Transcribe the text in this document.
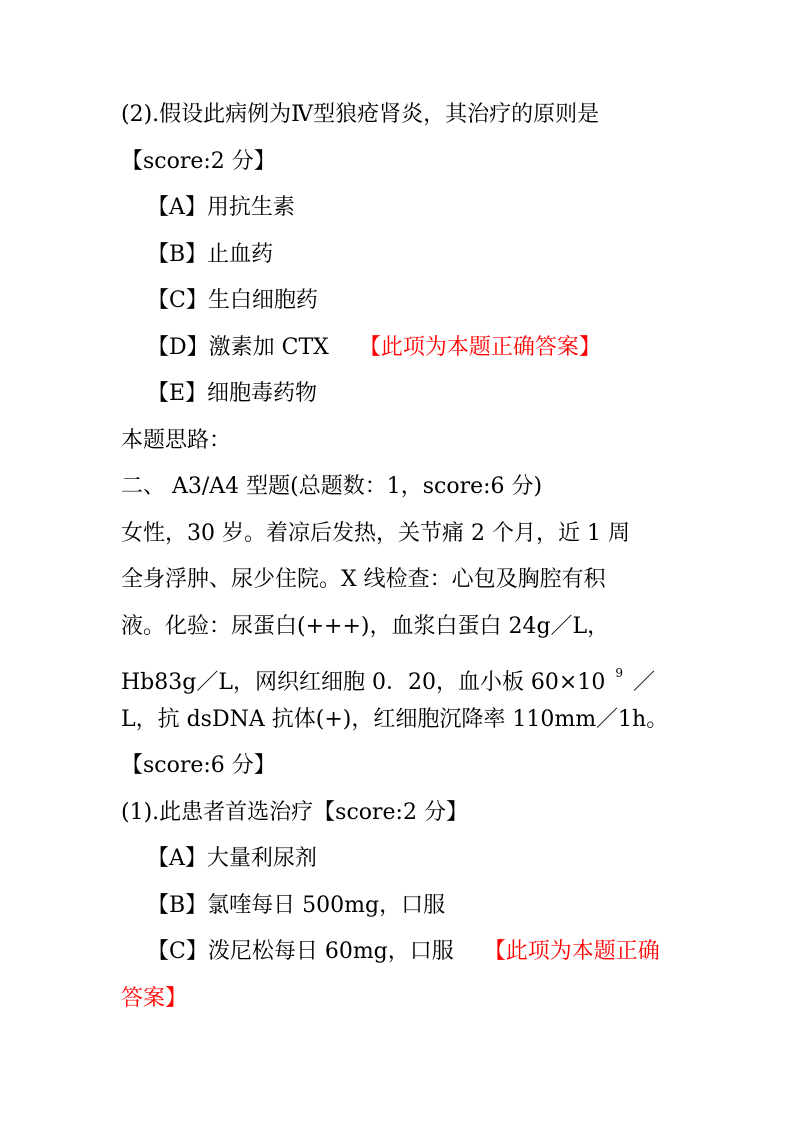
(2).假设此病例为Ⅳ型狼疮肾炎，其治疗的原则是
【score:2 分】
【A】用抗生素
【B】止血药
【C】生白细胞药
【D】激素加 CTX 【此项为本题正确答案】
【E】细胞毒药物
本题思路：
二、 A3/A4 型题(总题数：1，score:6 分)
女性，30 岁。着凉后发热，关节痛 2 个月，近 1 周
全身浮肿、尿少住院。X 线检查：心包及胸腔有积
液。化验：尿蛋白(+++)，血浆白蛋白 24g／L，
Hb83g／L，网织红细胞 0．20，血小板 60×10 $^9$ ／
L，抗 dsDNA 抗体(+)，红细胞沉降率 110mm／1h。
【score:6 分】
(1).此患者首选治疗【score:2 分】
【A】大量利尿剂
【B】氯喹每日 500mg，口服
【C】泼尼松每日 60mg，口服 【此项为本题正确
答案】
